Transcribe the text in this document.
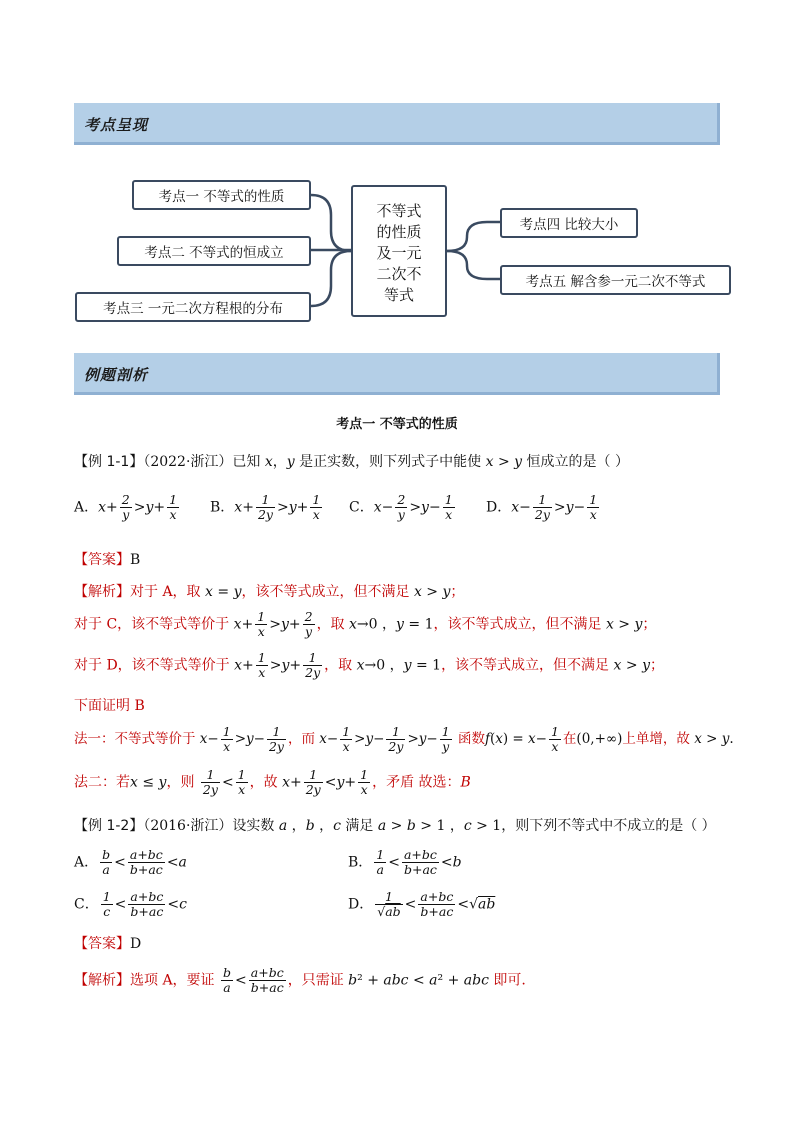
考点呈现
考点一 不等式的性质
考点二 不等式的恒成立
考点三 一元二次方程根的分布
不等式
的性质
及一元
二次不
等式
考点四 比较大小
考点五 解含参一元二次不等式
例题剖析
考点一 不等式的性质
【例 1-1】（2022·浙江）已知 x，y 是正实数，则下列式子中能使 x > y 恒成立的是（ ）
A．$x+ \frac{2}{y} >y+ \frac{1}{x}$ B．$x+ \frac{1}{2y} >y+ \frac{1}{x}$ C．$x- \frac{2}{y} >y- \frac{1}{x}$ D．$x- \frac{1}{2y} >y- \frac{1}{x}$
【答案】B
【解析】对于 A，取 x = y，该不等式成立，但不满足 x > y；
对于 C，该不等式等价于 $x+ \frac{1}{x} >y+ \frac{2}{y}$ ，取 x→0 ，y = 1，该不等式成立，但不满足 x > y；
对于 D，该不等式等价于 $x+ \frac{1}{x} >y+ \frac{1}{2y}$ ，取 x→0 ，y = 1，该不等式成立，但不满足 x > y；
下面证明 B
法一：不等式等价于 $x- \frac{1}{x} >y- \frac{1}{2y}$ ，而 $x- \frac{1}{x} >y- \frac{1}{2y} >y- \frac{1}{y}$ 函数$f(x) = x- \frac{1}{x}$ 在(0,+∞)上单增，故 x > y.
法二：若x ≤ y，则 $\frac{1}{2y} < \frac{1}{x}$ ，故 $x+ \frac{1}{2y} <y+ \frac{1}{x}$ ，矛盾 故选：B
【例 1-2】（2016·浙江）设实数 a ，b ，c 满足 a > b > 1 ，c > 1，则下列不等式中不成立的是（ ）
A． $\frac{b}{a} < \frac{a+bc}{b+ac} <a$	B． $\frac{1}{a} < \frac{a+bc}{b+ac} <b$
C． $\frac{1}{c} < \frac{a+bc}{b+ac} <c$	D． $\frac{1}{√ab} < \frac{a+bc}{b+ac} <√ab$
【答案】D
【解析】选项 A，要证 $\frac{b}{a} < \frac{a+bc}{b+ac}$ ，只需证 b² + abc < a² + abc 即可.
